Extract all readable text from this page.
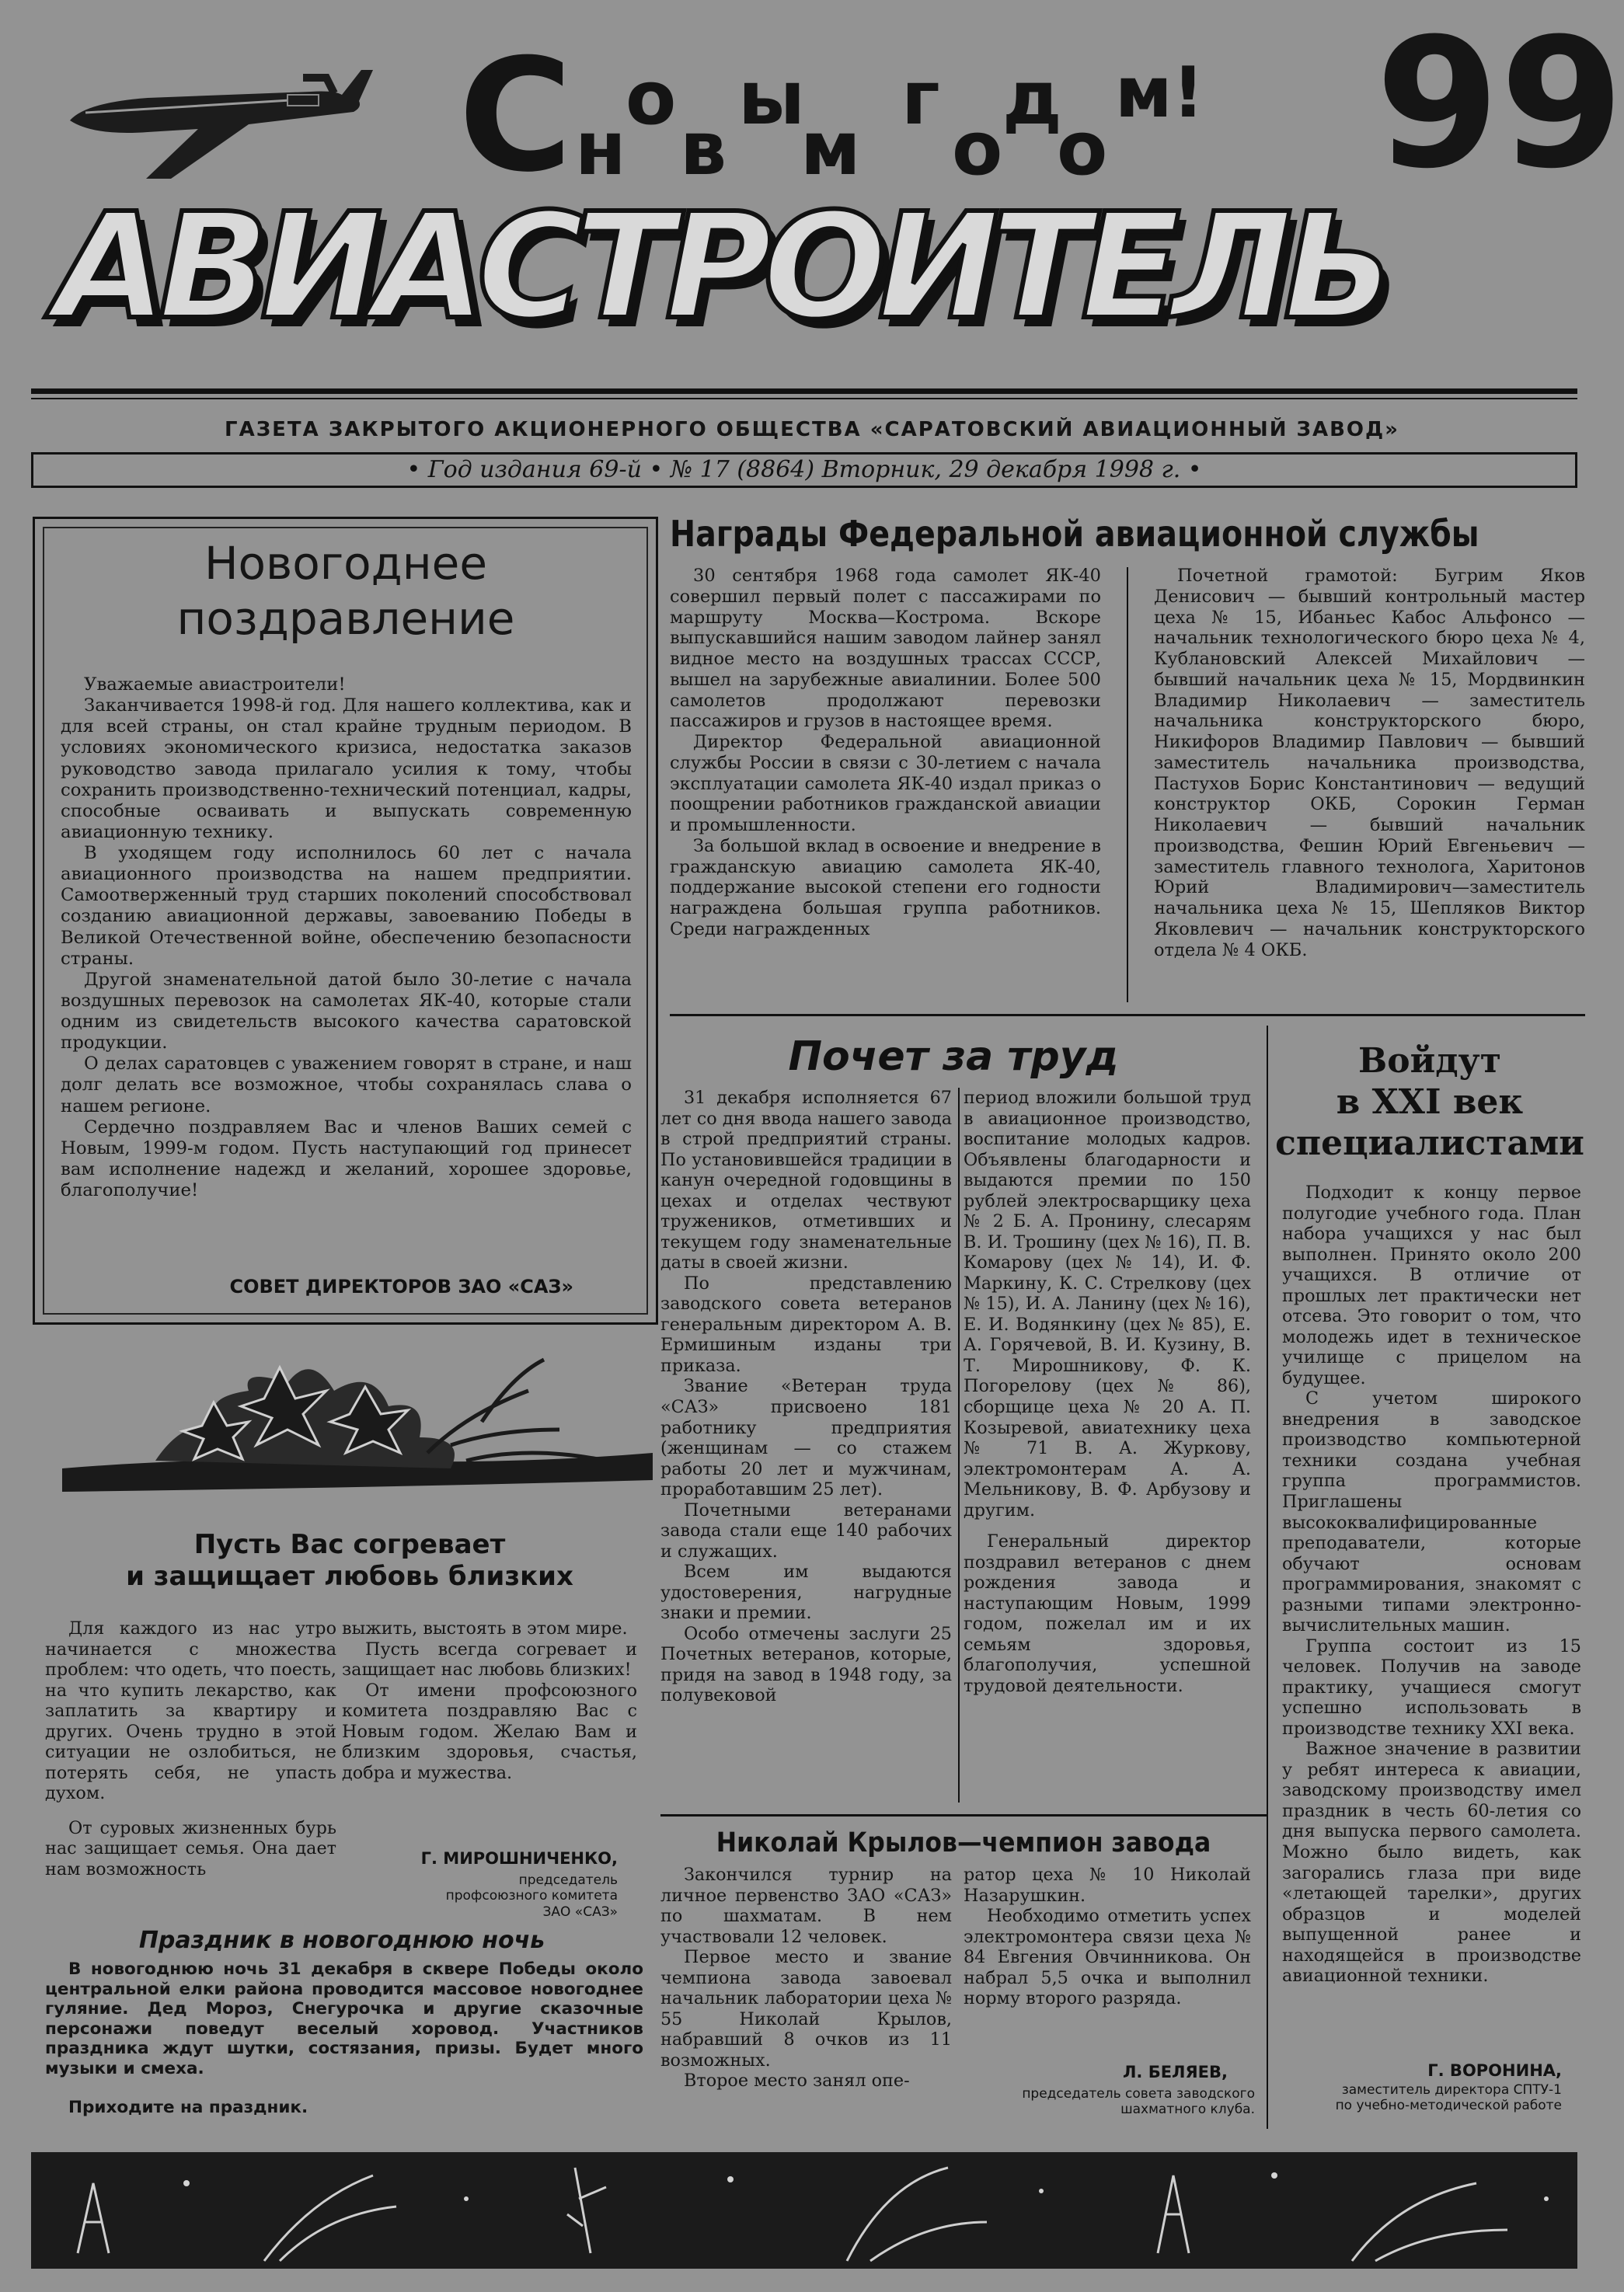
С н
о
в
ы
м
г
о
д
о
м! 99
АВИАСТРОИТЕЛЬ
ГАЗЕТА ЗАКРЫТОГО АКЦИОНЕРНОГО ОБЩЕСТВА «САРАТОВСКИЙ АВИАЦИОННЫЙ ЗАВОД»
• Год издания 69-й • № 17 (8864) Вторник, 29 декабря 1998 г. •
Новогоднее
поздравление

Уважаемые авиастроители!

Заканчивается 1998-й год. Для нашего коллектива, как и для всей страны, он стал крайне трудным периодом. В условиях экономического кризиса, недостатка заказов руководство завода прилагало усилия к тому, чтобы сохранить производственно-технический потенциал, кадры, способные осваивать и выпускать современную авиационную технику.

В уходящем году исполнилось 60 лет с начала авиационного производства на нашем предприятии. Самоотверженный труд старших поколений способствовал созданию авиационной державы, завоеванию Победы в Великой Отечественной войне, обеспечению безопасности страны.

Другой знаменательной датой было 30-летие с начала воздушных перевозок на самолетах ЯК-40, которые стали одним из свидетельств высокого качества саратовской продукции.

О делах саратовцев с уважением говорят в стране, и наш долг делать все возможное, чтобы сохранялась слава о нашем регионе.

Сердечно поздравляем Вас и членов Ваших семей с Новым, 1999-м годом. Пусть наступающий год принесет вам исполнение надежд и желаний, хорошее здоровье, благополучие!

СОВЕТ ДИРЕКТОРОВ ЗАО «САЗ»
Пусть Вас согревает
и защищает любовь близких

Для каждого из нас утро начинается с множества проблем: что одеть, что поесть, на что купить лекарство, как заплатить за квартиру и других. Очень трудно в этой ситуации не озлобиться, не потерять себя, не упасть духом.

От суровых жизненных бурь нас защищает семья. Она дает нам возможность

выжить, выстоять в этом мире.

Пусть всегда согревает и защищает нас любовь близких!

От имени профсоюзного комитета поздравляю Вас с Новым годом. Желаю Вам и близким здоровья, счастья, добра и мужества.

Г. МИРОШНИЧЕНКО,
председатель профсоюзного комитета ЗАО «САЗ»
Праздник в новогоднюю ночь
В новогоднюю ночь 31 декабря в сквере Победы около центральной елки района проводится массовое новогоднее гуляние. Дед Мороз, Снегурочка и другие сказочные персонажи поведут веселый хоровод. Участников праздника ждут шутки, состязания, призы. Будет много музыки и смеха.
Приходите на праздник.
Награды Федеральной авиационной службы

30 сентября 1968 года самолет ЯК-40 совершил первый полет с пассажирами по маршруту Москва—Кострома. Вскоре выпускавшийся нашим заводом лайнер занял видное место на воздушных трассах СССР, вышел на зарубежные авиалинии. Более 500 самолетов продолжают перевозки пассажиров и грузов в настоящее время.

Директор Федеральной авиационной службы России в связи с 30-летием с начала эксплуатации самолета ЯК-40 издал приказ о поощрении работников гражданской авиации и промышленности.

За большой вклад в освоение и внедрение в гражданскую авиацию самолета ЯК-40, поддержание высокой степени его годности награждена большая группа работников. Среди награжденных

Почетной грамотой: Бугрим Яков Денисович — бывший контрольный мастер цеха № 15, Ибаньес Кабос Альфонсо — начальник технологического бюро цеха № 4, Кублановский Алексей Михайлович — бывший начальник цеха № 15, Мордвинкин Владимир Николаевич — заместитель начальника конструкторского бюро, Никифоров Владимир Павлович — бывший заместитель начальника производства, Пастухов Борис Константинович — ведущий конструктор ОКБ, Сорокин Герман Николаевич — бывший начальник производства, Фешин Юрий Евгеньевич — заместитель главного технолога, Харитонов Юрий Владимирович—заместитель начальника цеха № 15, Шепляков Виктор Яковлевич — начальник конструкторского отдела № 4 ОКБ.

Почет за труд

31 декабря исполняется 67 лет со дня ввода нашего завода в строй предприятий страны. По установившейся традиции в канун очередной годовщины в цехах и отделах чествуют тружеников, отметивших и текущем году знаменательные даты в своей жизни.

По представлению заводского совета ветеранов генеральным директором А. В. Ермишиным изданы три приказа.

Звание «Ветеран труда «САЗ» присвоено 181 работнику предприятия (женщинам — со стажем работы 20 лет и мужчинам, проработавшим 25 лет).

Почетными ветеранами завода стали еще 140 рабочих и служащих.

Всем им выдаются удостоверения, нагрудные знаки и премии.

Особо отмечены заслуги 25 Почетных ветеранов, которые, придя на завод в 1948 году, за полувековой

период вложили большой труд в авиационное производство, воспитание молодых кадров. Объявлены благодарности и выдаются премии по 150 рублей электросварщику цеха № 2 Б. А. Пронину, слесарям В. И. Трошину (цех № 16), П. В. Комарову (цех № 14), И. Ф. Маркину, К. С. Стрелкову (цех № 15), И. А. Ланину (цех № 16), Е. И. Водянкину (цех № 85), Е. А. Горячевой, В. И. Кузину, В. Т. Мирошникову, Ф. К. Погорелову (цех № 86), сборщице цеха № 20 А. П. Козыревой, авиатехнику цеха № 71 В. А. Журкову, электромонтерам А. А. Мельникову, В. Ф. Арбузову и другим.

Генеральный директор поздравил ветеранов с днем рождения завода и наступающим Новым, 1999 годом, пожелал им и их семьям здоровья, благополучия, успешной трудовой деятельности.

Войдут
в XXI век
специалистами

Подходит к концу первое полугодие учебного года. План набора учащихся у нас был выполнен. Принято около 200 учащихся. В отличие от прошлых лет практически нет отсева. Это говорит о том, что молодежь идет в техническое училище с прицелом на будущее.

С учетом широкого внедрения в заводское производство компьютерной техники создана учебная группа программистов. Приглашены высококвалифицированные преподаватели, которые обучают основам программирования, знакомят с разными типами электронно-вычислительных машин.

Группа состоит из 15 человек. Получив на заводе практику, учащиеся смогут успешно использовать в производстве технику XXI века.

Важное значение в развитии у ребят интереса к авиации, заводскому производству имел праздник в честь 60-летия со дня выпуска первого самолета. Можно было видеть, как загорались глаза при виде «летающей тарелки», других образцов и моделей выпущенной ранее и находящейся в производстве авиационной техники.

Г. ВОРОНИНА,
заместитель директора СПТУ-1 по учебно-методической работе
Николай Крылов—чемпион завода

Закончился турнир на личное первенство ЗАО «САЗ» по шахматам. В нем участвовали 12 человек.

Первое место и звание чемпиона завода завоевал начальник лаборатории цеха № 55 Николай Крылов, набравший 8 очков из 11 возможных.

Второе место занял опе-

ратор цеха № 10 Николай Назарушкин.

Необходимо отметить успех электромонтера связи цеха № 84 Евгения Овчинникова. Он набрал 5,5 очка и выполнил норму второго разряда.

Л. БЕЛЯЕВ,
председатель совета заводского шахматного клуба.
